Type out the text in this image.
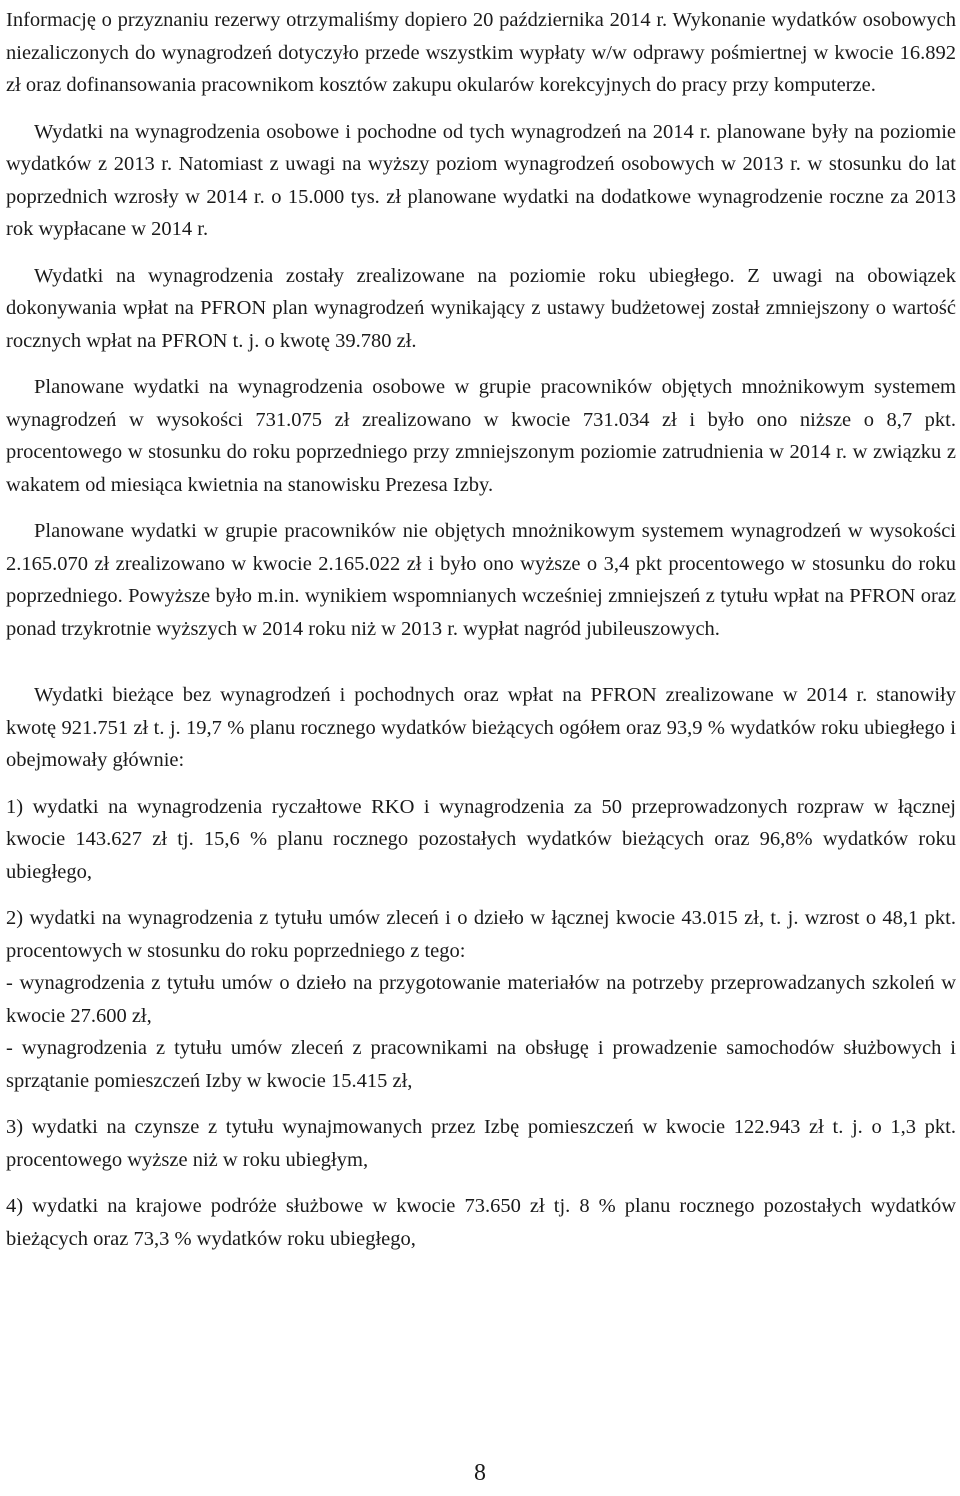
Informację o przyznaniu rezerwy otrzymaliśmy dopiero 20 października 2014 r. Wykonanie wydatków osobowych niezaliczonych do wynagrodzeń dotyczyło przede wszystkim wypłaty w/w odprawy pośmiertnej w kwocie 16.892 zł oraz dofinansowania pracownikom kosztów zakupu okularów korekcyjnych do pracy przy komputerze.

Wydatki na wynagrodzenia osobowe i pochodne od tych wynagrodzeń na 2014 r. planowane były na poziomie wydatków z 2013 r. Natomiast z uwagi na wyższy poziom wynagrodzeń osobowych w 2013 r. w stosunku do lat poprzednich wzrosły w 2014 r. o 15.000 tys. zł planowane wydatki na dodatkowe wynagrodzenie roczne za 2013 rok wypłacane w 2014 r.

Wydatki na wynagrodzenia zostały zrealizowane na poziomie roku ubiegłego. Z uwagi na obowiązek dokonywania wpłat na PFRON plan wynagrodzeń wynikający z ustawy budżetowej został zmniejszony o wartość rocznych wpłat na PFRON t. j. o kwotę 39.780 zł.

Planowane wydatki na wynagrodzenia osobowe w grupie pracowników objętych mnożnikowym systemem wynagrodzeń w wysokości 731.075 zł zrealizowano w kwocie 731.034 zł i było ono niższe o 8,7 pkt. procentowego w stosunku do roku poprzedniego przy zmniejszonym poziomie zatrudnienia w 2014 r. w związku z wakatem od miesiąca kwietnia na stanowisku Prezesa Izby.

Planowane wydatki w grupie pracowników nie objętych mnożnikowym systemem wynagrodzeń w wysokości 2.165.070 zł zrealizowano w kwocie 2.165.022 zł i było ono wyższe o 3,4 pkt procentowego w stosunku do roku poprzedniego. Powyższe było m.in. wynikiem wspomnianych wcześniej zmniejszeń z tytułu wpłat na PFRON oraz ponad trzykrotnie wyższych w 2014 roku niż w 2013 r. wypłat nagród jubileuszowych.

Wydatki bieżące bez wynagrodzeń i pochodnych oraz wpłat na PFRON zrealizowane w 2014 r. stanowiły kwotę 921.751 zł t. j. 19,7 % planu rocznego wydatków bieżących ogółem oraz 93,9 % wydatków roku ubiegłego i obejmowały głównie:

1) wydatki na wynagrodzenia ryczałtowe RKO i wynagrodzenia za 50 przeprowadzonych rozpraw w łącznej kwocie 143.627 zł tj. 15,6 % planu rocznego pozostałych wydatków bieżących oraz 96,8% wydatków roku ubiegłego,

2) wydatki na wynagrodzenia z tytułu umów zleceń i o dzieło w łącznej kwocie 43.015 zł, t. j. wzrost o 48,1 pkt. procentowych w stosunku do roku poprzedniego z tego:

- wynagrodzenia z tytułu umów o dzieło na przygotowanie materiałów na potrzeby przeprowadzanych szkoleń w kwocie 27.600 zł,

- wynagrodzenia z tytułu umów zleceń z pracownikami na obsługę i prowadzenie samochodów służbowych i sprzątanie pomieszczeń Izby w kwocie 15.415 zł,

3) wydatki na czynsze z tytułu wynajmowanych przez Izbę pomieszczeń w kwocie 122.943 zł t. j. o 1,3 pkt. procentowego wyższe niż w roku ubiegłym,

4) wydatki na krajowe podróże służbowe w kwocie 73.650 zł tj. 8 % planu rocznego pozostałych wydatków bieżących oraz 73,3 % wydatków roku ubiegłego,

8
